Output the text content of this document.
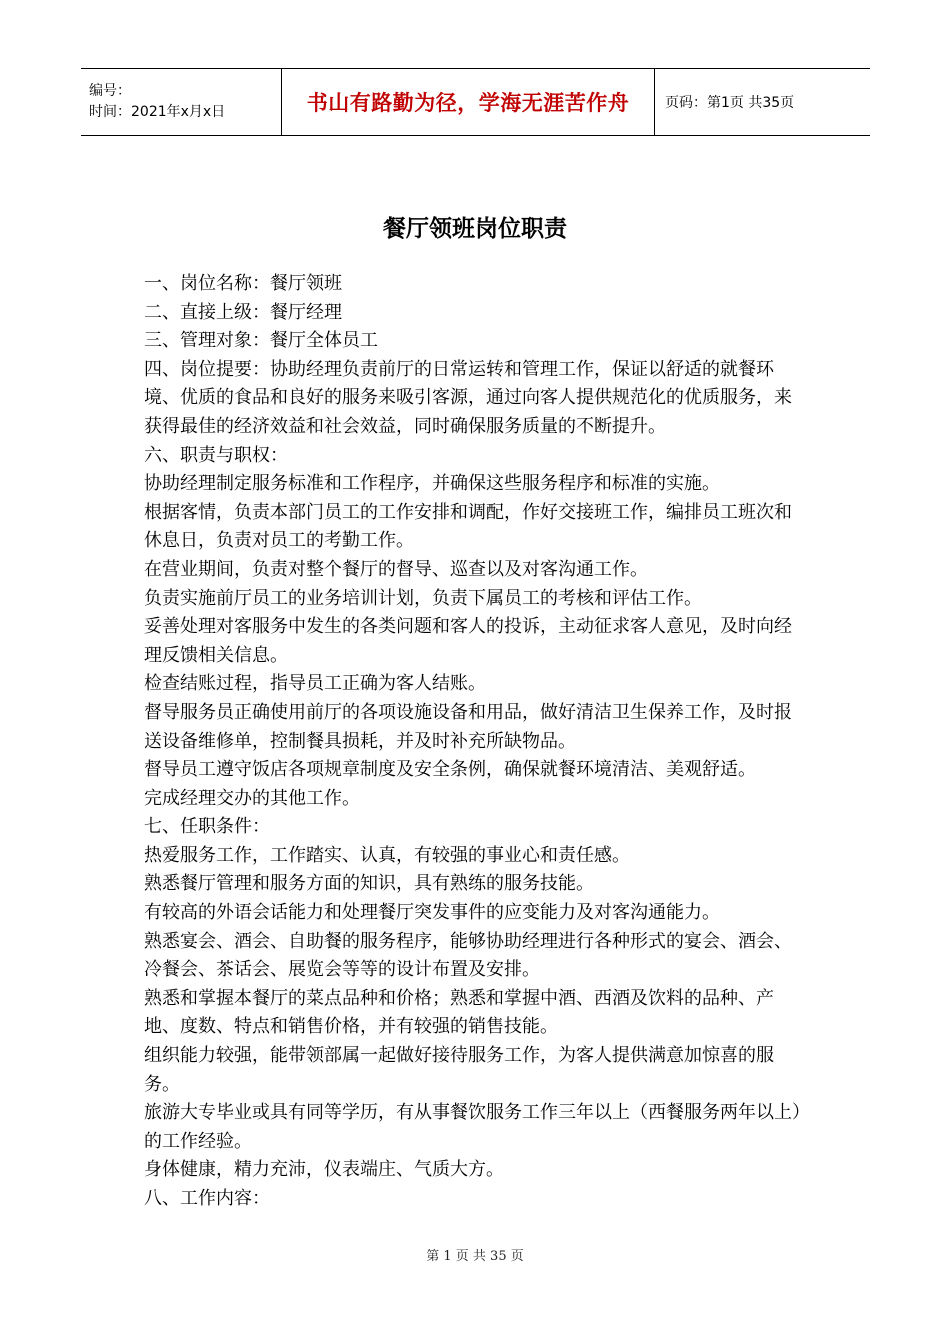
编号：
时间：2021年x月x日	书山有路勤为径，学海无涯苦作舟	页码：第1页 共35页
餐厅领班岗位职责

一、岗位名称：餐厅领班

二、直接上级：餐厅经理

三、管理对象：餐厅全体员工

四、岗位提要：协助经理负责前厅的日常运转和管理工作，保证以舒适的就餐环境、优质的食品和良好的服务来吸引客源，通过向客人提供规范化的优质服务，来获得最佳的经济效益和社会效益，同时确保服务质量的不断提升。

六、职责与职权：

协助经理制定服务标准和工作程序，并确保这些服务程序和标准的实施。

根据客情，负责本部门员工的工作安排和调配，作好交接班工作，编排员工班次和休息日，负责对员工的考勤工作。

在营业期间，负责对整个餐厅的督导、巡查以及对客沟通工作。

负责实施前厅员工的业务培训计划，负责下属员工的考核和评估工作。

妥善处理对客服务中发生的各类问题和客人的投诉，主动征求客人意见，及时向经理反馈相关信息。

检查结账过程，指导员工正确为客人结账。

督导服务员正确使用前厅的各项设施设备和用品，做好清洁卫生保养工作，及时报送设备维修单，控制餐具损耗，并及时补充所缺物品。

督导员工遵守饭店各项规章制度及安全条例，确保就餐环境清洁、美观舒适。

完成经理交办的其他工作。

七、任职条件：

热爱服务工作，工作踏实、认真，有较强的事业心和责任感。

熟悉餐厅管理和服务方面的知识，具有熟练的服务技能。

有较高的外语会话能力和处理餐厅突发事件的应变能力及对客沟通能力。

熟悉宴会、酒会、自助餐的服务程序，能够协助经理进行各种形式的宴会、酒会、冷餐会、茶话会、展览会等等的设计布置及安排。

熟悉和掌握本餐厅的菜点品种和价格；熟悉和掌握中酒、西酒及饮料的品种、产地、度数、特点和销售价格，并有较强的销售技能。

组织能力较强，能带领部属一起做好接待服务工作，为客人提供满意加惊喜的服务。

旅游大专毕业或具有同等学历，有从事餐饮服务工作三年以上（西餐服务两年以上）的工作经验。

身体健康，精力充沛，仪表端庄、气质大方。

八、工作内容：

第 1 页 共 35 页
